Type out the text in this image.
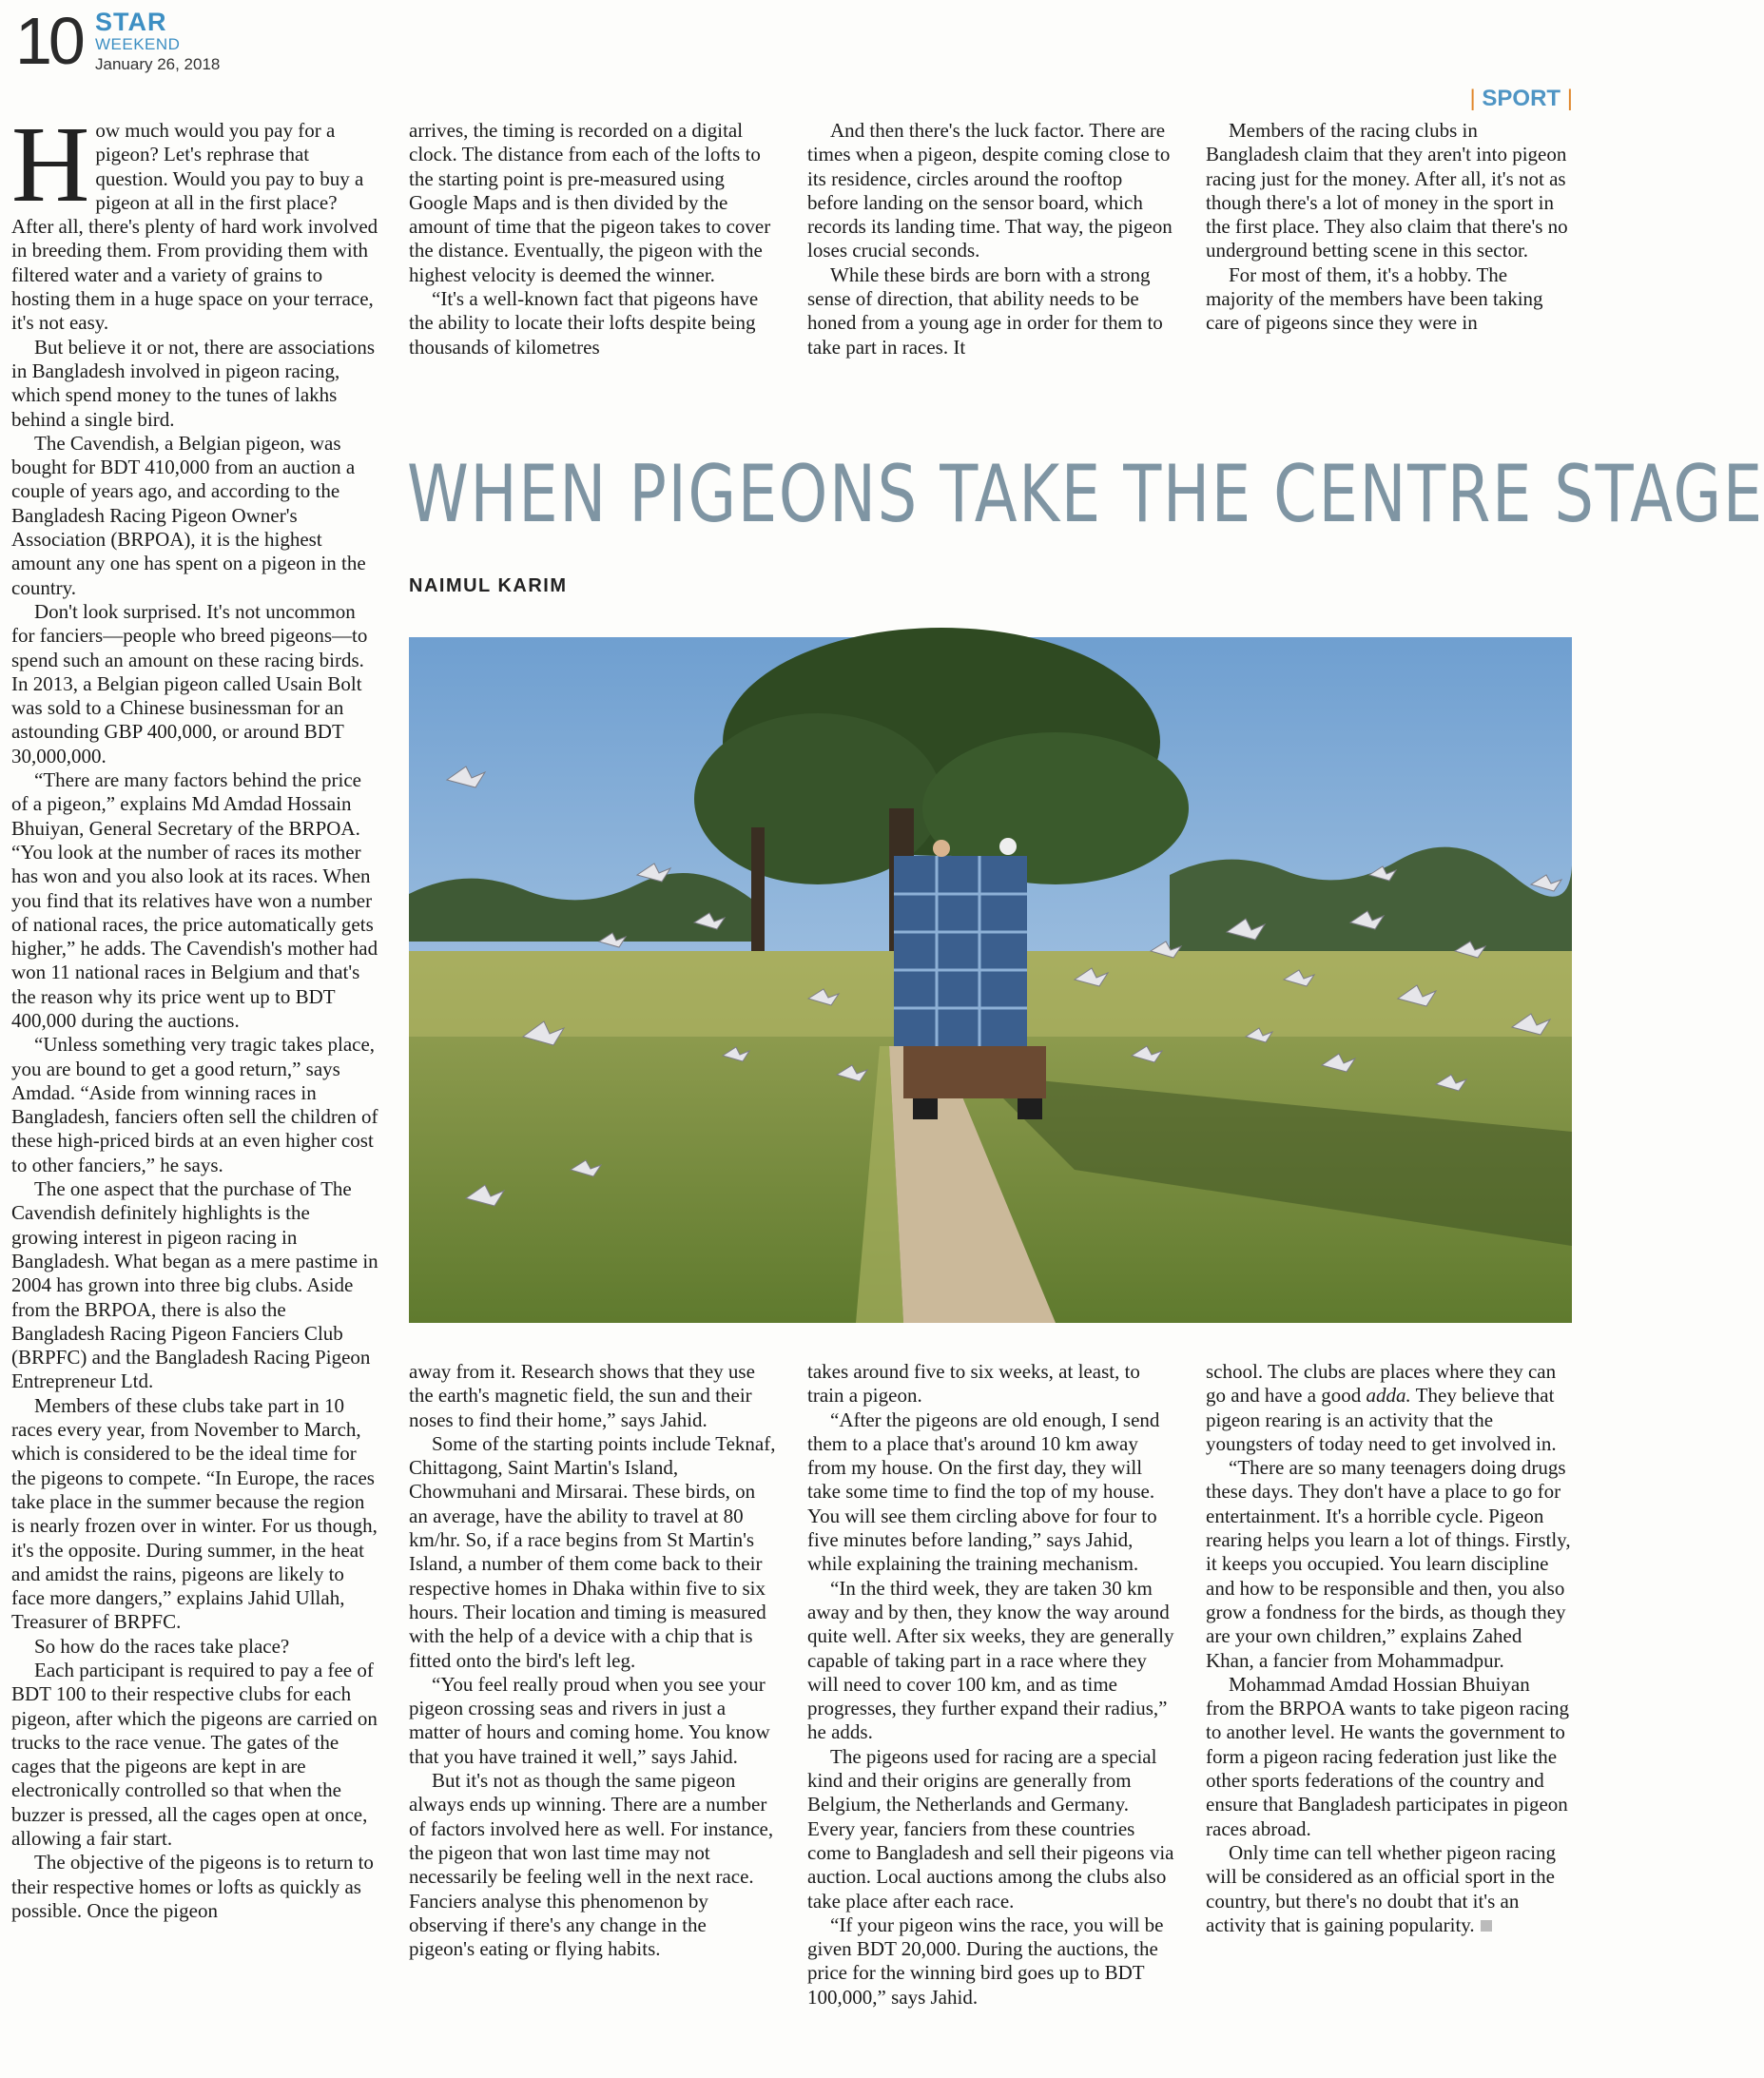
10 STAR
WEEKEND
January 26, 2018
| SPORT |

How much would you pay for a pigeon? Let's rephrase that question. Would you pay to buy a pigeon at all in the first place? After all, there's plenty of hard work involved in breeding them. From providing them with filtered water and a variety of grains to hosting them in a huge space on your terrace, it's not easy.

But believe it or not, there are associations in Bangladesh involved in pigeon racing, which spend money to the tunes of lakhs behind a single bird.

The Cavendish, a Belgian pigeon, was bought for BDT 410,000 from an auction a couple of years ago, and according to the Bangladesh Racing Pigeon Owner's Association (BRPOA), it is the highest amount any one has spent on a pigeon in the country.

Don't look surprised. It's not uncommon for fanciers—people who breed pigeons—to spend such an amount on these racing birds. In 2013, a Belgian pigeon called Usain Bolt was sold to a Chinese businessman for an astounding GBP 400,000, or around BDT 30,000,000.

“There are many factors behind the price of a pigeon,” explains Md Amdad Hossain Bhuiyan, General Secretary of the BRPOA. “You look at the number of races its mother has won and you also look at its races. When you find that its relatives have won a number of national races, the price automatically gets higher,” he adds. The Cavendish's mother had won 11 national races in Belgium and that's the reason why its price went up to BDT 400,000 during the auctions.

“Unless something very tragic takes place, you are bound to get a good return,” says Amdad. “Aside from winning races in Bangladesh, fanciers often sell the children of these high-priced birds at an even higher cost to other fanciers,” he says.

The one aspect that the purchase of The Cavendish definitely highlights is the growing interest in pigeon racing in Bangladesh. What began as a mere pastime in 2004 has grown into three big clubs. Aside from the BRPOA, there is also the Bangladesh Racing Pigeon Fanciers Club (BRPFC) and the Bangladesh Racing Pigeon Entrepreneur Ltd.

Members of these clubs take part in 10 races every year, from November to March, which is considered to be the ideal time for the pigeons to compete. “In Europe, the races take place in the summer because the region is nearly frozen over in winter. For us though, it's the opposite. During summer, in the heat and amidst the rains, pigeons are likely to face more dangers,” explains Jahid Ullah, Treasurer of BRPFC.

So how do the races take place?

Each participant is required to pay a fee of BDT 100 to their respective clubs for each pigeon, after which the pigeons are carried on trucks to the race venue. The gates of the cages that the pigeons are kept in are electronically controlled so that when the buzzer is pressed, all the cages open at once, allowing a fair start.

The objective of the pigeons is to return to their respective homes or lofts as quickly as possible. Once the pigeon

arrives, the timing is recorded on a digital clock. The distance from each of the lofts to the starting point is pre-measured using Google Maps and is then divided by the amount of time that the pigeon takes to cover the distance. Eventually, the pigeon with the highest velocity is deemed the winner.

“It's a well-known fact that pigeons have the ability to locate their lofts despite being thousands of kilometres

And then there's the luck factor. There are times when a pigeon, despite coming close to its residence, circles around the rooftop before landing on the sensor board, which records its landing time. That way, the pigeon loses crucial seconds.

While these birds are born with a strong sense of direction, that ability needs to be honed from a young age in order for them to take part in races. It

Members of the racing clubs in Bangladesh claim that they aren't into pigeon racing just for the money. After all, it's not as though there's a lot of money in the sport in the first place. They also claim that there's no underground betting scene in this sector.

For most of them, it's a hobby. The majority of the members have been taking care of pigeons since they were in

WHEN PIGEONS TAKE THE CENTRE STAGE
NAIMUL KARIM

away from it. Research shows that they use the earth's magnetic field, the sun and their noses to find their home,” says Jahid.

Some of the starting points include Teknaf, Chittagong, Saint Martin's Island, Chowmuhani and Mirsarai. These birds, on an average, have the ability to travel at 80 km/hr. So, if a race begins from St Martin's Island, a number of them come back to their respective homes in Dhaka within five to six hours. Their location and timing is measured with the help of a device with a chip that is fitted onto the bird's left leg.

“You feel really proud when you see your pigeon crossing seas and rivers in just a matter of hours and coming home. You know that you have trained it well,” says Jahid.

But it's not as though the same pigeon always ends up winning. There are a number of factors involved here as well. For instance, the pigeon that won last time may not necessarily be feeling well in the next race. Fanciers analyse this phenomenon by observing if there's any change in the pigeon's eating or flying habits.

takes around five to six weeks, at least, to train a pigeon.

“After the pigeons are old enough, I send them to a place that's around 10 km away from my house. On the first day, they will take some time to find the top of my house. You will see them circling above for four to five minutes before landing,” says Jahid, while explaining the training mechanism.

“In the third week, they are taken 30 km away and by then, they know the way around quite well. After six weeks, they are generally capable of taking part in a race where they will need to cover 100 km, and as time progresses, they further expand their radius,” he adds.

The pigeons used for racing are a special kind and their origins are generally from Belgium, the Netherlands and Germany. Every year, fanciers from these countries come to Bangladesh and sell their pigeons via auction. Local auctions among the clubs also take place after each race.

“If your pigeon wins the race, you will be given BDT 20,000. During the auctions, the price for the winning bird goes up to BDT 100,000,” says Jahid.

school. The clubs are places where they can go and have a good adda. They believe that pigeon rearing is an activity that the youngsters of today need to get involved in.

“There are so many teenagers doing drugs these days. They don't have a place to go for entertainment. It's a horrible cycle. Pigeon rearing helps you learn a lot of things. Firstly, it keeps you occupied. You learn discipline and how to be responsible and then, you also grow a fondness for the birds, as though they are your own children,” explains Zahed Khan, a fancier from Mohammadpur.

Mohammad Amdad Hossian Bhuiyan from the BRPOA wants to take pigeon racing to another level. He wants the government to form a pigeon racing federation just like the other sports federations of the country and ensure that Bangladesh participates in pigeon races abroad.

Only time can tell whether pigeon racing will be considered as an official sport in the country, but there's no doubt that it's an activity that is gaining popularity.
